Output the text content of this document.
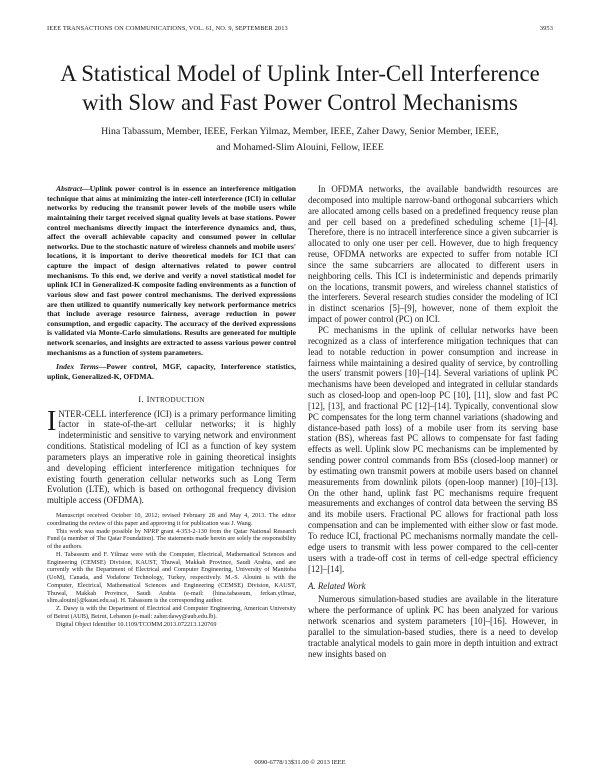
IEEE TRANSACTIONS ON COMMUNICATIONS, VOL. 61, NO. 9, SEPTEMBER 2013	3953
A Statistical Model of Uplink Inter-Cell Interference
with Slow and Fast Power Control Mechanisms
Hina Tabassum, Member, IEEE, Ferkan Yilmaz, Member, IEEE, Zaher Dawy, Senior Member, IEEE,
and Mohamed-Slim Alouini, Fellow, IEEE

Abstract—Uplink power control is in essence an interference mitigation technique that aims at minimizing the inter-cell interference (ICI) in cellular networks by reducing the transmit power levels of the mobile users while maintaining their target received signal quality levels at base stations. Power control mechanisms directly impact the interference dynamics and, thus, affect the overall achievable capacity and consumed power in cellular networks. Due to the stochastic nature of wireless channels and mobile users' locations, it is important to derive theoretical models for ICI that can capture the impact of design alternatives related to power control mechanisms. To this end, we derive and verify a novel statistical model for uplink ICI in Generalized-K composite fading environments as a function of various slow and fast power control mechanisms. The derived expressions are then utilized to quantify numerically key network performance metrics that include average resource fairness, average reduction in power consumption, and ergodic capacity. The accuracy of the derived expressions is validated via Monte-Carlo simulations. Results are generated for multiple network scenarios, and insights are extracted to assess various power control mechanisms as a function of system parameters.

Index Terms—Power control, MGF, capacity, Interference statistics, uplink, Generalized-K, OFDMA.

I. INTRODUCTION

INTER-CELL interference (ICI) is a primary performance limiting factor in state-of-the-art cellular networks; it is highly indeterministic and sensitive to varying network and environment conditions. Statistical modeling of ICI as a function of key system parameters plays an imperative role in gaining theoretical insights and developing efficient interference mitigation techniques for existing fourth generation cellular networks such as Long Term Evolution (LTE), which is based on orthogonal frequency division multiple access (OFDMA).

Manuscript received October 10, 2012; revised February 28 and May 4, 2013. The editor coordinating the review of this paper and approving it for publication was J. Wang.

This work was made possible by NPRP grant 4-353-2-130 from the Qatar National Research Fund (a member of The Qatar Foundation). The statements made herein are solely the responsibility of the authors.

H. Tabassum and F. Yilmaz were with the Computer, Electrical, Mathematical Sciences and Engineering (CEMSE) Division, KAUST, Thuwal, Makkah Province, Saudi Arabia, and are currently with the Department of Electrical and Computer Engineering, University of Manitoba (UoM), Canada, and Vodafone Technology, Turkey, respectively. M.-S. Alouini is with the Computer, Electrical, Mathematical Sciences and Engineering (CEMSE) Division, KAUST, Thuwal, Makkah Province, Saudi Arabia (e-mail: {hina.tabassum, ferkan.yilmaz, slim.alouini}@kaust.edu.sa). H. Tabassum is the corresponding author.

Z. Dawy is with the Department of Electrical and Computer Engineering, American University of Beirut (AUB), Beirut, Lebanon (e-mail: zaher.dawy@aub.edu.lb).

Digital Object Identifier 10.1109/TCOMM.2013.072213.120769

In OFDMA networks, the available bandwidth resources are decomposed into multiple narrow-band orthogonal subcarriers which are allocated among cells based on a predefined frequency reuse plan and per cell based on a predefined scheduling scheme [1]–[4]. Therefore, there is no intracell interference since a given subcarrier is allocated to only one user per cell. However, due to high frequency reuse, OFDMA networks are expected to suffer from notable ICI since the same subcarriers are allocated to different users in neighboring cells. This ICI is indeterministic and depends primarily on the locations, transmit powers, and wireless channel statistics of the interferers. Several research studies consider the modeling of ICI in distinct scenarios [5]–[9], however, none of them exploit the impact of power control (PC) on ICI.

PC mechanisms in the uplink of cellular networks have been recognized as a class of interference mitigation techniques that can lead to notable reduction in power consumption and increase in fairness while maintaining a desired quality of service, by controlling the users' transmit powers [10]–[14]. Several variations of uplink PC mechanisms have been developed and integrated in cellular standards such as closed-loop and open-loop PC [10], [11], slow and fast PC [12], [13], and fractional PC [12]–[14]. Typically, conventional slow PC compensates for the long term channel variations (shadowing and distance-based path loss) of a mobile user from its serving base station (BS), whereas fast PC allows to compensate for fast fading effects as well. Uplink slow PC mechanisms can be implemented by sending power control commands from BSs (closed-loop manner) or by estimating own transmit powers at mobile users based on channel measurements from downlink pilots (open-loop manner) [10]–[13]. On the other hand, uplink fast PC mechanisms require frequent measurements and exchanges of control data between the serving BS and its mobile users. Fractional PC allows for fractional path loss compensation and can be implemented with either slow or fast mode. To reduce ICI, fractional PC mechanisms normally mandate the cell-edge users to transmit with less power compared to the cell-center users with a trade-off cost in terms of cell-edge spectral efficiency [12]–[14].

A. Related Work

Numerous simulation-based studies are available in the literature where the performance of uplink PC has been analyzed for various network scenarios and system parameters [10]–[16]. However, in parallel to the simulation-based studies, there is a need to develop tractable analytical models to gain more in depth intuition and extract new insights based on

0090-6778/13$31.00 © 2013 IEEE
